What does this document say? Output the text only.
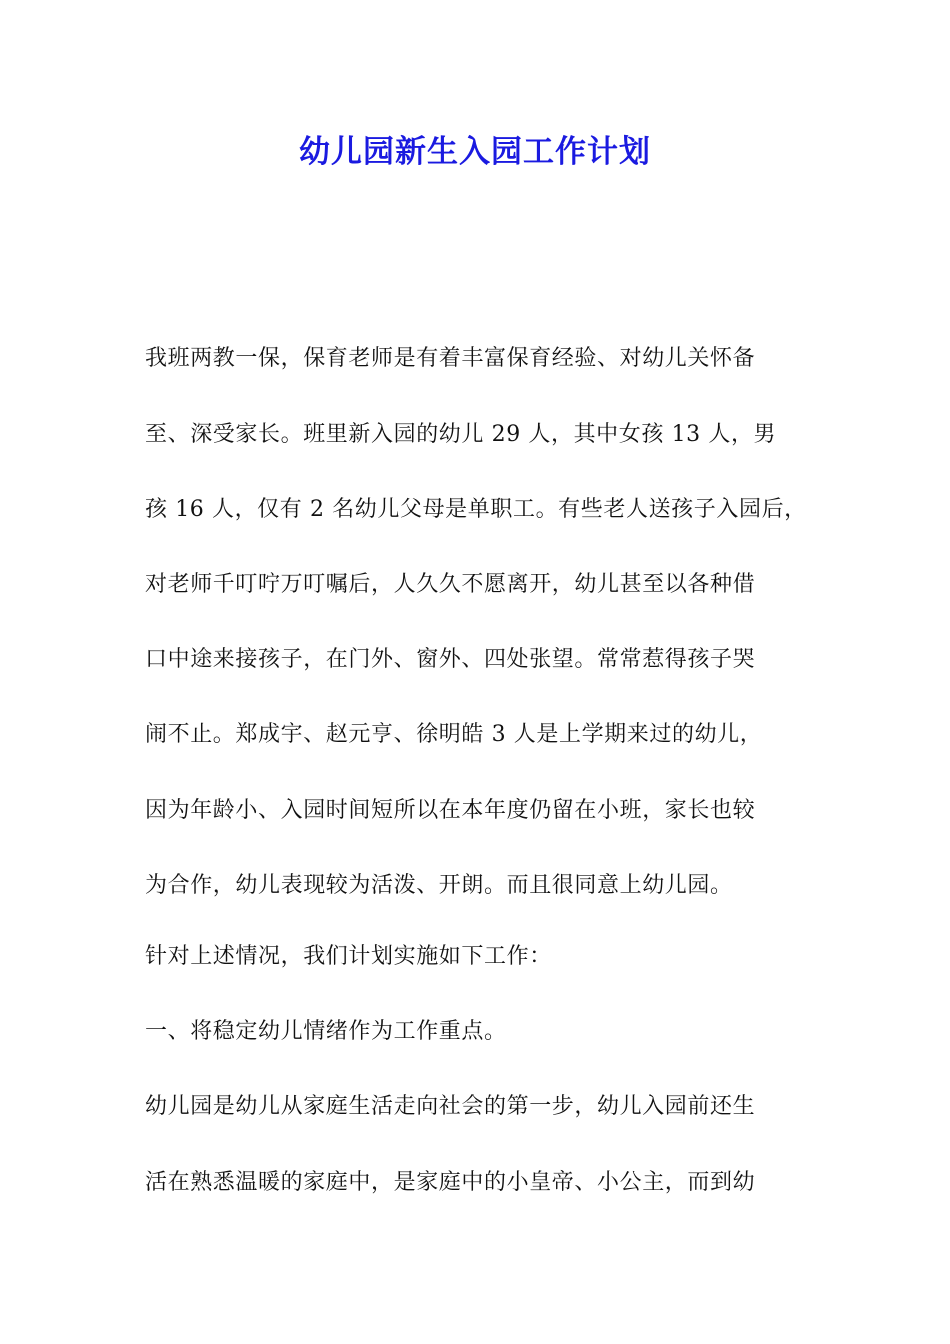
幼儿园新生入园工作计划
我班两教一保，保育老师是有着丰富保育经验、对幼儿关怀备
至、深受家长。班里新入园的幼儿 29 人，其中女孩 13 人，男
孩 16 人，仅有 2 名幼儿父母是单职工。有些老人送孩子入园后，
对老师千叮咛万叮嘱后，人久久不愿离开，幼儿甚至以各种借
口中途来接孩子，在门外、窗外、四处张望。常常惹得孩子哭
闹不止。郑成宇、赵元亨、徐明皓 3 人是上学期来过的幼儿，
因为年龄小、入园时间短所以在本年度仍留在小班，家长也较
为合作，幼儿表现较为活泼、开朗。而且很同意上幼儿园。
针对上述情况，我们计划实施如下工作：
一、将稳定幼儿情绪作为工作重点。
幼儿园是幼儿从家庭生活走向社会的第一步，幼儿入园前还生
活在熟悉温暖的家庭中，是家庭中的小皇帝、小公主，而到幼
